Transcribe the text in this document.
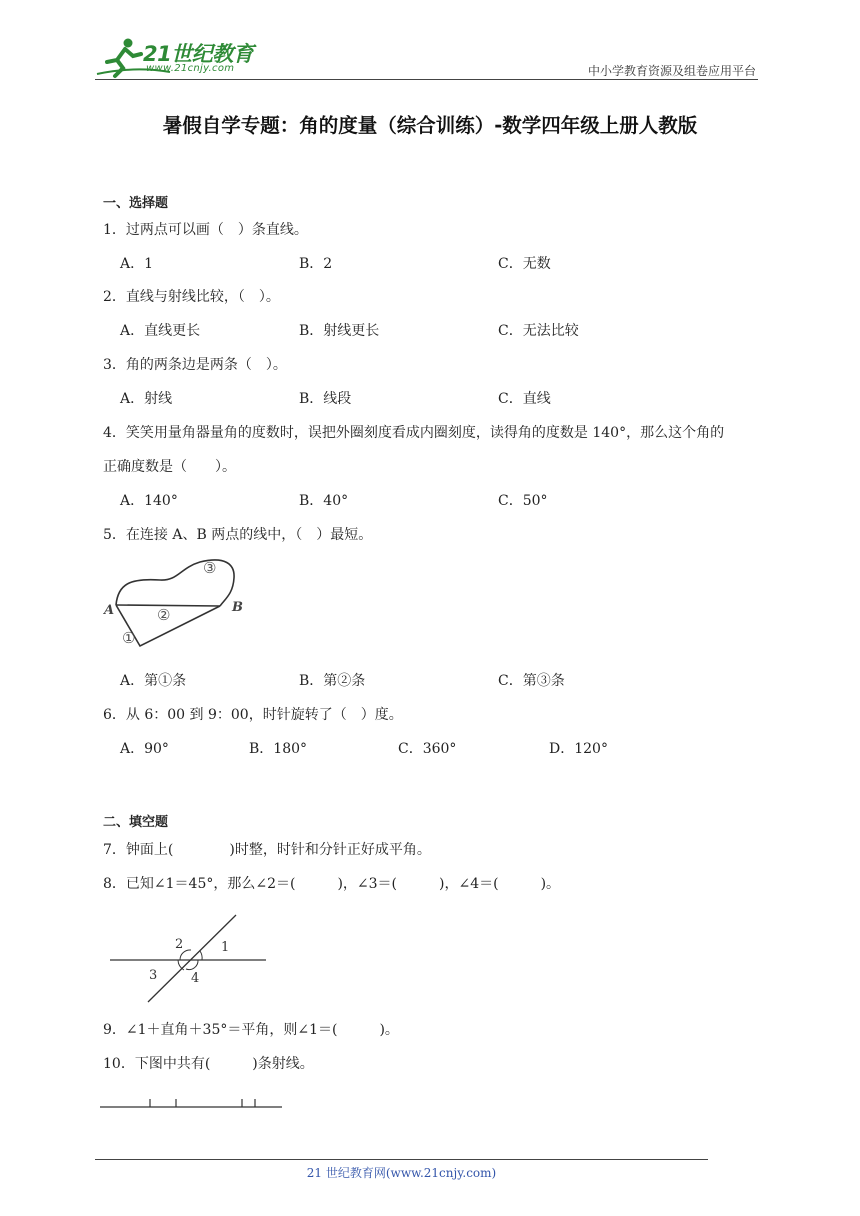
21世纪教育
www.21cnjy.com	中小学教育资源及组卷应用平台
暑假自学专题：角的度量（综合训练）-数学四年级上册人教版
一、选择题
1．过两点可以画（　）条直线。
A．1	B．2	C．无数
2．直线与射线比较，（　）。
A．直线更长	B．射线更长	C．无法比较
3．角的两条边是两条（　）。
A．射线	B．线段	C．直线
4．笑笑用量角器量角的度数时，误把外圈刻度看成内圈刻度，读得角的度数是 140°，那么这个角的
正确度数是（　　）。
A．140°	B．40°	C．50°
5．在连接 A、B 两点的线中，（　）最短。
A	B
①
②
③
A．第①条	B．第②条	C．第③条
6．从 6：00 到 9：00，时针旋转了（　）度。
A．90°	B．180°	C．360°	D．120°
二、填空题
7．钟面上(　　　　)时整，时针和分针正好成平角。
8．已知∠1＝45°，那么∠2＝(　　　)，∠3＝(　　　)，∠4＝(　　　)。
2	1
3	4
9．∠1＋直角＋35°＝平角，则∠1＝(　　　)。
10．下图中共有(　　　)条射线。
21 世纪教育网(www.21cnjy.com)
